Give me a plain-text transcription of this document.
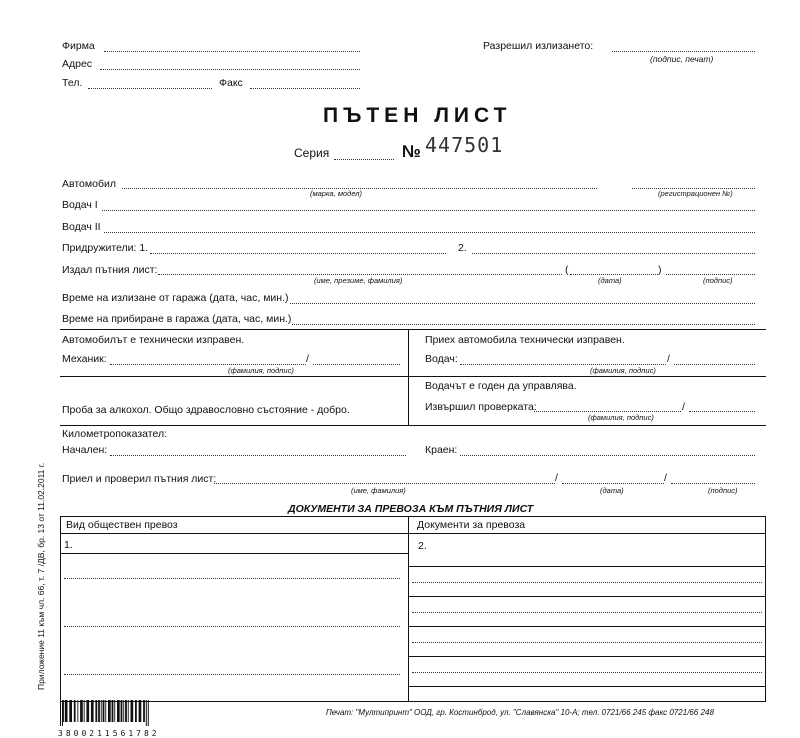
Фирма
Адрес
Тел.	Факс
Разрешил излизането:
(подпис, печат)
ПЪТЕН ЛИСТ
Серия	№ 447501
Автомобил
(марка, модел)	(регистрационен №)
Водач I
Водач II
Придружители: 1.	2.
Издал пътния лист:	(	)
(име, презиме, фамилия)	(дата)	(подпис)
Време на излизане от гаража (дата, час, мин.)
Време на прибиране в гаража (дата, час, мин.)
Автомобилът е технически изправен.
Механик:	/
(фамилия, подпис)
Приех автомобила технически изправен.
Водач:	/
(фамилия, подпис)
Водачът е годен да управлява.
Проба за алкохол. Общо здравословно състояние - добро.	Извършил проверката:	/
(фамилия, подпис)
Километропоказател:
Начален:	Краен:
Приел и проверил пътния лист:	/	/
(име, фамилия)	(дата)	(подпис)
ДОКУМЕНТИ ЗА ПРЕВОЗА КЪМ ПЪТНИЯ ЛИСТ
Вид обществен превоз	Документи за превоза
1.	2.
Приложение 11 към чл. 66, т. 7 /ДВ, бр. 13 от 11.02.2011 г.
3800211561782
Печат: "Мултипринт" ООД, гр. Костинброд, ул. "Славянска" 10-А; тел. 0721/66 245 факс 0721/66 248
